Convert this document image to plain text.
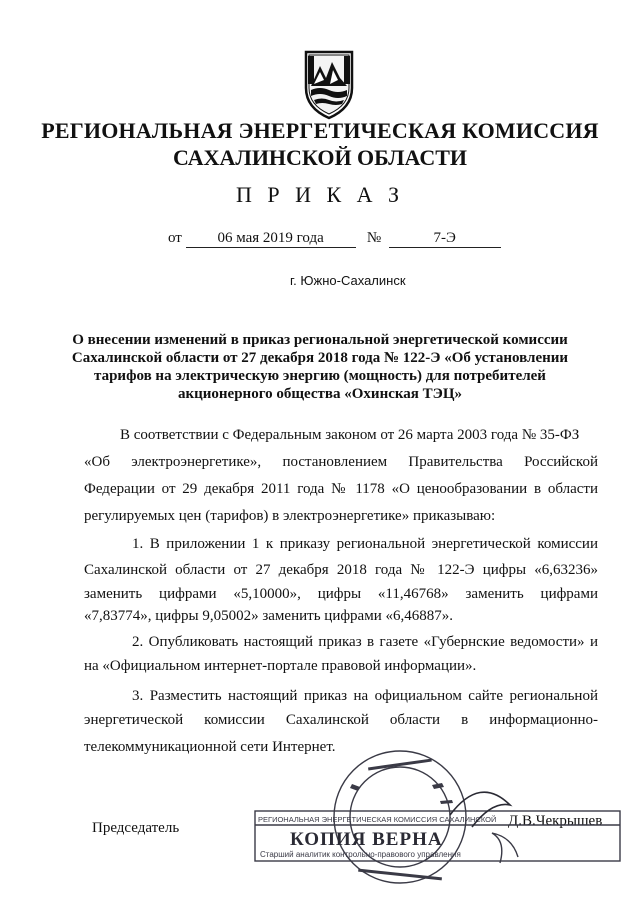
РЕГИОНАЛЬНАЯ ЭНЕРГЕТИЧЕСКАЯ КОМИССИЯ
САХАЛИНСКОЙ ОБЛАСТИ
П Р И К А З
от 06 мая 2019 года	№	7-Э
г. Южно-Сахалинск
О внесении изменений в приказ региональной энергетической комиссии
Сахалинской области от 27 декабря 2018 года № 122-Э «Об установлении
тарифов на электрическую энергию (мощность) для потребителей
акционерного общества «Охинская ТЭЦ»
В соответствии с Федеральным законом от 26 марта 2003 года № 35-ФЗ
«Об электроэнергетике», постановлением Правительства Российской
Федерации от 29 декабря 2011 года № 1178 «О ценообразовании в области
регулируемых цен (тарифов) в электроэнергетике» приказываю:
1. В приложении 1 к приказу региональной энергетической комиссии
Сахалинской области от 27 декабря 2018 года № 122-Э цифры «6,63236»
заменить цифрами «5,10000», цифры «11,46768» заменить цифрами
«7,83774», цифры 9,05002» заменить цифрами «6,46887».
2. Опубликовать настоящий приказ в газете «Губернские ведомости» и
на «Официальном интернет-портале правовой информации».
3. Разместить настоящий приказ на официальном сайте региональной
энергетической комиссии Сахалинской области в информационно-
телекоммуникационной сети Интернет.
Председатель	Д.В.Чекрышев
РЕГИОНАЛЬНАЯ ЭНЕРГЕТИЧЕСКАЯ КОМИССИЯ САХАЛИНСКОЙ
КОПИЯ ВЕРНА
Старший аналитик контрольно-правового управления
